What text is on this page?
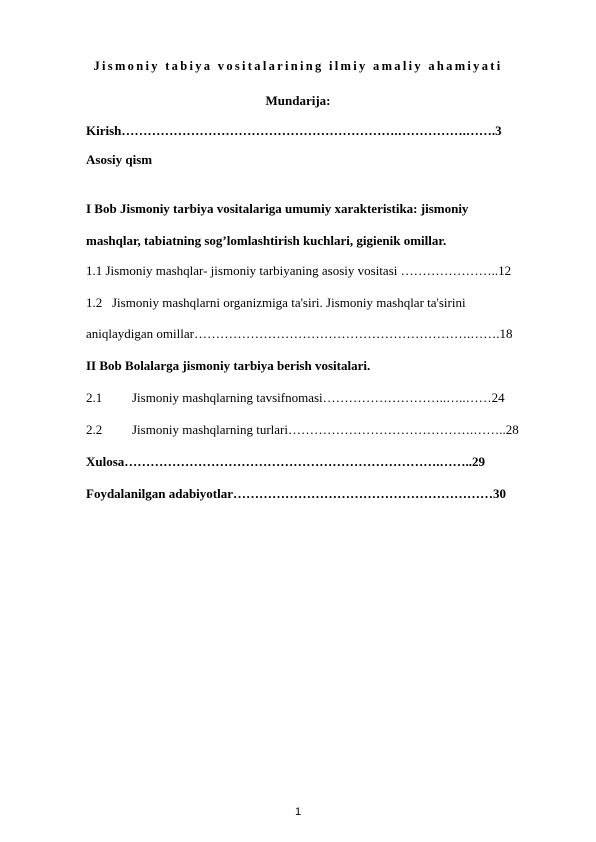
Jismoniy tabiya vositalarining ilmiy amaliy ahamiyati
Mundarija:
Kirish……………………………………………………….…………….…….3
Asosiy qism
I Bob Jismoniy tarbiya vositalariga umumiy xarakteristika: jismoniy
mashqlar, tabiatning sog’lomlashtirish kuchlari, gigienik omillar.
1.1 Jismoniy mashqlar- jismoniy tarbiyaning asosiy vositasi …………………..12
1.2 Jismoniy mashqlarni organizmiga ta'siri. Jismoniy mashqlar ta'sirini
aniqlaydigan omillar……………………………………………………….…….18
II Bob Bolalarga jismoniy tarbiya berish vositalari.
2.1 Jismoniy mashqlarning tavsifnomasi………………………..…..……24
2.2 Jismoniy mashqlarning turlari…………………………………….……..28
Xulosa……………………………………………………………….……..29
Foydalanilgan adabiyotlar……………………………………………………30
1
